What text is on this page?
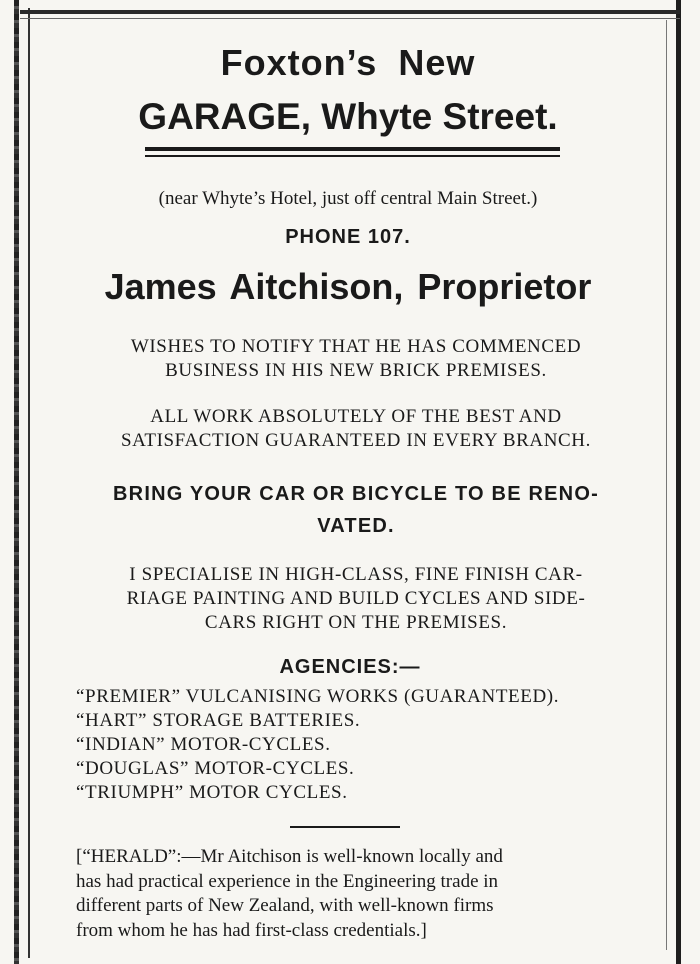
Foxton’s New
GARAGE, Whyte Street.
(near Whyte’s Hotel, just off central Main Street.)
PHONE 107.
James Aitchison, Proprietor
WISHES TO NOTIFY THAT HE HAS COMMENCED
BUSINESS IN HIS NEW BRICK PREMISES.
ALL WORK ABSOLUTELY OF THE BEST AND
SATISFACTION GUARANTEED IN EVERY BRANCH.
BRING YOUR CAR OR BICYCLE TO BE RENO-
VATED.
I SPECIALISE IN HIGH-CLASS, FINE FINISH CAR-
RIAGE PAINTING AND BUILD CYCLES AND SIDE-
CARS RIGHT ON THE PREMISES.
AGENCIES:—
“PREMIER” VULCANISING WORKS (GUARANTEED).
“HART” STORAGE BATTERIES.
“INDIAN” MOTOR-CYCLES.
“DOUGLAS” MOTOR-CYCLES.
“TRIUMPH” MOTOR CYCLES.
[“HERALD”:—Mr Aitchison is well-known locally and
has had practical experience in the Engineering trade in
different parts of New Zealand, with well-known firms
from whom he has had first-class credentials.]
